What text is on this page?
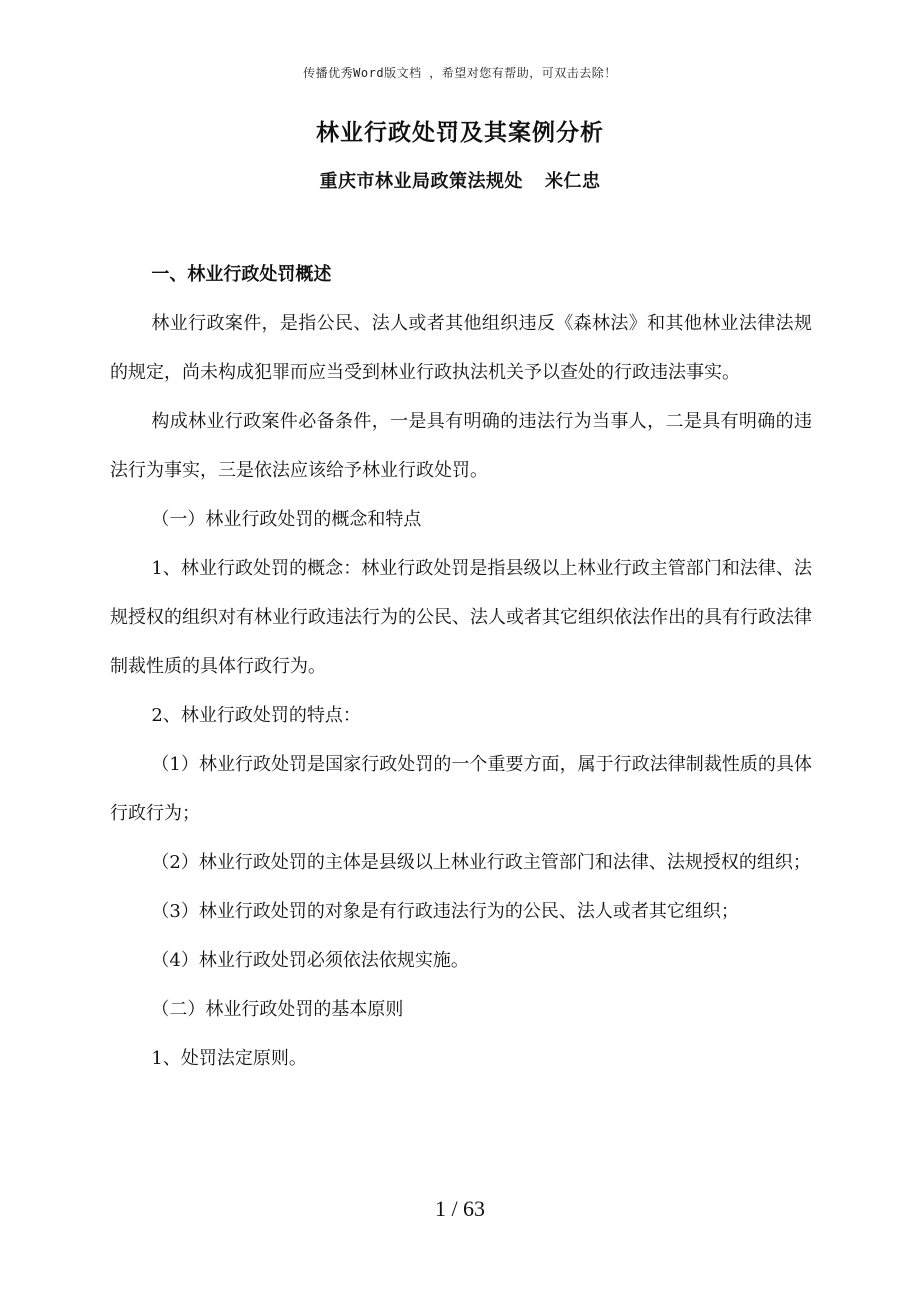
传播优秀Word版文档 ，希望对您有帮助，可双击去除！
林业行政处罚及其案例分析
重庆市林业局政策法规处 米仁忠

一、林业行政处罚概述

林业行政案件，是指公民、法人或者其他组织违反《森林法》和其他林业法律法规的规定，尚未构成犯罪而应当受到林业行政执法机关予以查处的行政违法事实。

构成林业行政案件必备条件，一是具有明确的违法行为当事人，二是具有明确的违法行为事实，三是依法应该给予林业行政处罚。

（一）林业行政处罚的概念和特点

1、林业行政处罚的概念：林业行政处罚是指县级以上林业行政主管部门和法律、法规授权的组织对有林业行政违法行为的公民、法人或者其它组织依法作出的具有行政法律制裁性质的具体行政行为。

2、林业行政处罚的特点：

（1）林业行政处罚是国家行政处罚的一个重要方面，属于行政法律制裁性质的具体行政行为；

（2）林业行政处罚的主体是县级以上林业行政主管部门和法律、法规授权的组织；

（3）林业行政处罚的对象是有行政违法行为的公民、法人或者其它组织；

（4）林业行政处罚必须依法依规实施。

（二）林业行政处罚的基本原则

1、处罚法定原则。

1 / 63
